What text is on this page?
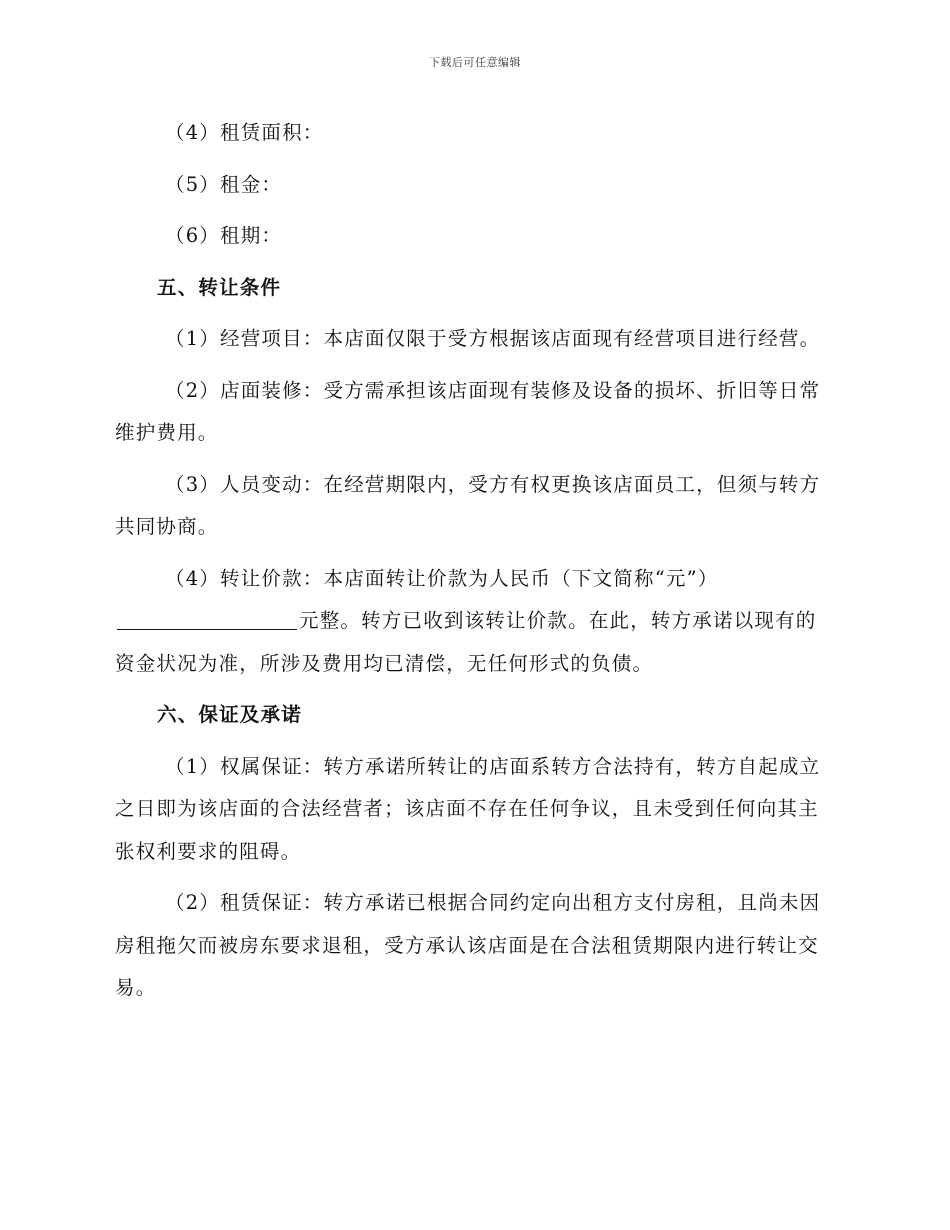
下载后可任意编辑

（4）租赁面积：

（5）租金：

（6）租期：

五、转让条件

（1）经营项目：本店面仅限于受方根据该店面现有经营项目进行经营。

（2）店面装修：受方需承担该店面现有装修及设备的损坏、折旧等日常维护费用。

（3）人员变动：在经营期限内，受方有权更换该店面员工，但须与转方共同协商。

（4）转让价款：本店面转让价款为人民币（下文简称“元”）元整。转方已收到该转让价款。在此，转方承诺以现有的资金状况为准，所涉及费用均已清偿，无任何形式的负债。

六、保证及承诺

（1）权属保证：转方承诺所转让的店面系转方合法持有，转方自起成立之日即为该店面的合法经营者；该店面不存在任何争议，且未受到任何向其主张权利要求的阻碍。

（2）租赁保证：转方承诺已根据合同约定向出租方支付房租，且尚未因房租拖欠而被房东要求退租，受方承认该店面是在合法租赁期限内进行转让交易。
